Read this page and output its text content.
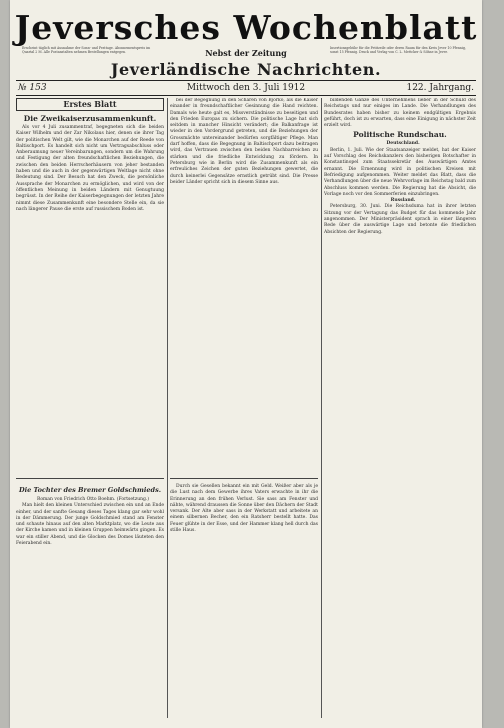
Jeversches Wochenblatt
Erscheint täglich mit Ausnahme der Sonn- und Festtage. Abonnementspreis im Quartal 2 M. Alle Postanstalten nehmen Bestellungen entgegen.	Nebst der Zeitung	Insertionsgebühr für die Petitzeile oder deren Raum für den Kreis Jever 10 Pfennig, sonst 15 Pfennig. Druck und Verlag von C. L. Mettcker & Söhne in Jever.
Jeverländische Nachrichten.
№ 153	Mittwoch den 3. Juli 1912	122. Jahrgang.
Erstes Blatt
Die Zweikaiserzusammenkunft.

Als vor 4 Juli zusammentraf, begegneten sich die beiden Kaiser Wilhelm und der Zar Nikolaus hier, denen sie ihrer Tag der politischen Welt gilt, wie die Monarchen auf der Reede von Baltischport. Es handelt sich nicht um Vertragsabschluss oder Anberaumung neuer Vereinbarungen, sondern um die Wahrung und Festigung der alten freundschaftlichen Beziehungen, die zwischen den beiden Herrscherhäusern von jeher bestanden haben und die auch in der gegenwärtigen Weltlage nicht ohne Bedeutung sind. Der Besuch hat den Zweck, die persönliche Aussprache der Monarchen zu ermöglichen, und wird von der öffentlichen Meinung in beiden Ländern mit Genugtuung begrüsst. In der Reihe der Kaiserbegegnungen der letzten Jahre nimmt diese Zusammenkunft eine besondere Stelle ein, da sie nach längerer Pause die erste auf russischem Boden ist.

Die Tochter des Bremer Goldschmieds.

Roman von Friedrich Otto Boehm. (Fortsetzung.)

Man hielt den kleinen Unterschied zwischen ein und an Ende einher, und der sanfte Gesang dieses Tages klang gar sehr wohl in der Dämmerung. Der junge Goldschmied stand am Fenster und schaute hinaus auf den alten Marktplatz, wo die Leute aus der Kirche kamen und in kleinen Gruppen heimwärts gingen. Es war ein stiller Abend, und die Glocken des Domes läuteten den Feierabend ein.

bei der Begegnung in den Schären von Björkö, als die Kaiser einander in freundschaftlicher Gesinnung die Hand reichten. Damals wie heute galt es, Missverständnisse zu beseitigen und den Frieden Europas zu sichern. Die politische Lage hat sich seitdem in mancher Hinsicht verändert; die Balkanfrage ist wieder in den Vordergrund getreten, und die Beziehungen der Grossmächte untereinander bedürfen sorgfältiger Pflege. Man darf hoffen, dass die Begegnung in Baltischport dazu beitragen wird, das Vertrauen zwischen den beiden Nachbarreichen zu stärken und die friedliche Entwicklung zu fördern. In Petersburg wie in Berlin wird die Zusammenkunft als ein erfreuliches Zeichen der guten Beziehungen gewertet, die durch keinerlei Gegensätze ernstlich getrübt sind. Die Presse beider Länder spricht sich in diesem Sinne aus.

Durch sie Gesellen bekannt ein mit Geld. Weißer aber als je die Lust nach dem Gewerbe ihres Vaters erwachte in ihr die Erinnerung an den frühen Verlust. Sie sass am Fenster und nähte, während draussen die Sonne über den Dächern der Stadt versank. Der Alte aber sass in der Werkstatt und arbeitete an einem silbernen Becher, den ein Ratsherr bestellt hatte. Das Feuer glühte in der Esse, und der Hammer klang hell durch das stille Haus.

bildenden Ganze des Unternehmens lieber in der Schuld des Reichstags und nur einiges im Lande. Die Verhandlungen des Bundesrates haben bisher zu keinem endgültigen Ergebnis geführt, doch ist zu erwarten, dass eine Einigung in nächster Zeit erzielt wird.

Politische Rundschau.

Deutschland.

Berlin, 1. Juli. Wie der Staatsanzeiger meldet, hat der Kaiser auf Vorschlag des Reichskanzlers den bisherigen Botschafter in Konstantinopel zum Staatssekretär des Auswärtigen Amtes ernannt. Die Ernennung wird in politischen Kreisen mit Befriedigung aufgenommen. Weiter meldet das Blatt, dass die Verhandlungen über die neue Wehrvorlage im Reichstag bald zum Abschluss kommen werden. Die Regierung hat die Absicht, die Vorlage noch vor den Sommerferien einzubringen.

Russland.

Petersburg, 30. Juni. Die Reichsduma hat in ihrer letzten Sitzung vor der Vertagung das Budget für das kommende Jahr angenommen. Der Ministerpräsident sprach in einer längeren Rede über die auswärtige Lage und betonte die friedlichen Absichten der Regierung.
